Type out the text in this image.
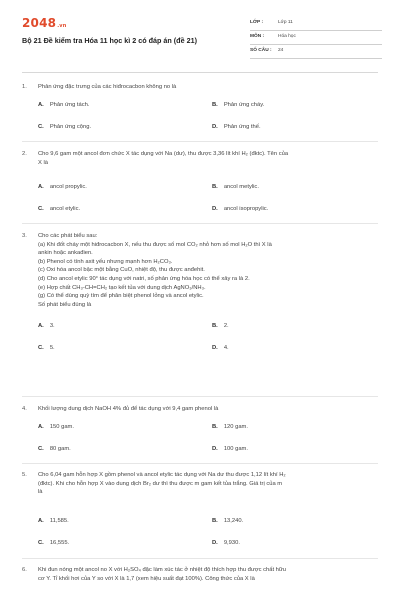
2048.vn
Bộ 21 Đề kiểm tra Hóa 11 học kì 2 có đáp án (đề 21)
LỚP :	Lớp 11
MÔN :	Hóa học
SỐ CÂU : 24
1. Phản ứng đặc trưng của các hiđrocacbon không no là
A. Phản ứng tách.	B. Phản ứng cháy.
C. Phản ứng cộng.	D. Phản ứng thế.
2. Cho 9,6 gam một ancol đơn chức X tác dụng với Na (dư), thu được 3,36 lít khí H₂ (đktc). Tên của
X là
A. ancol propylic.	B. ancol metylic.
C. ancol etylic.	D. ancol isopropylic.
3. Cho các phát biểu sau:
(a) Khi đốt cháy một hiđrocacbon X, nếu thu được số mol CO₂ nhỏ hơn số mol H₂O thì X là
ankin hoặc ankađien.
(b) Phenol có tính axit yếu nhưng mạnh hơn H₂CO₃.
(c) Oxi hóa ancol bậc một bằng CuO, nhiệt độ, thu được anđehit.
(d) Cho ancol etylic 90° tác dụng với natri, số phản ứng hóa học có thể xảy ra là 2.
(e) Hợp chất CH₃-CH=CH₂ tạo kết tủa với dung dịch AgNO₃/NH₃.
(g) Có thể dùng quỳ tím để phân biệt phenol lỏng và ancol etylic.
Số phát biểu đúng là
A. 3.	B. 2.
C. 5.	D. 4.
4. Khối lượng dung dịch NaOH 4% đủ để tác dụng với 9,4 gam phenol là
A. 150 gam.	B. 120 gam.
C. 80 gam.	D. 100 gam.
5. Cho 6,04 gam hỗn hợp X gồm phenol và ancol etylic tác dụng với Na dư thu được 1,12 lít khí H₂
(đktc). Khi cho hỗn hợp X vào dung dịch Br₂ dư thì thu được m gam kết tủa trắng. Giá trị của m
là
A. 11,585.	B. 13,240.
C. 16,555.	D. 9,930.
6. Khi đun nóng một ancol no X với H₂SO₄ đặc làm xúc tác ở nhiệt độ thích hợp thu được chất hữu
cơ Y. Tỉ khối hơi của Y so với X là 1,7 (xem hiệu suất đạt 100%). Công thức của X là
